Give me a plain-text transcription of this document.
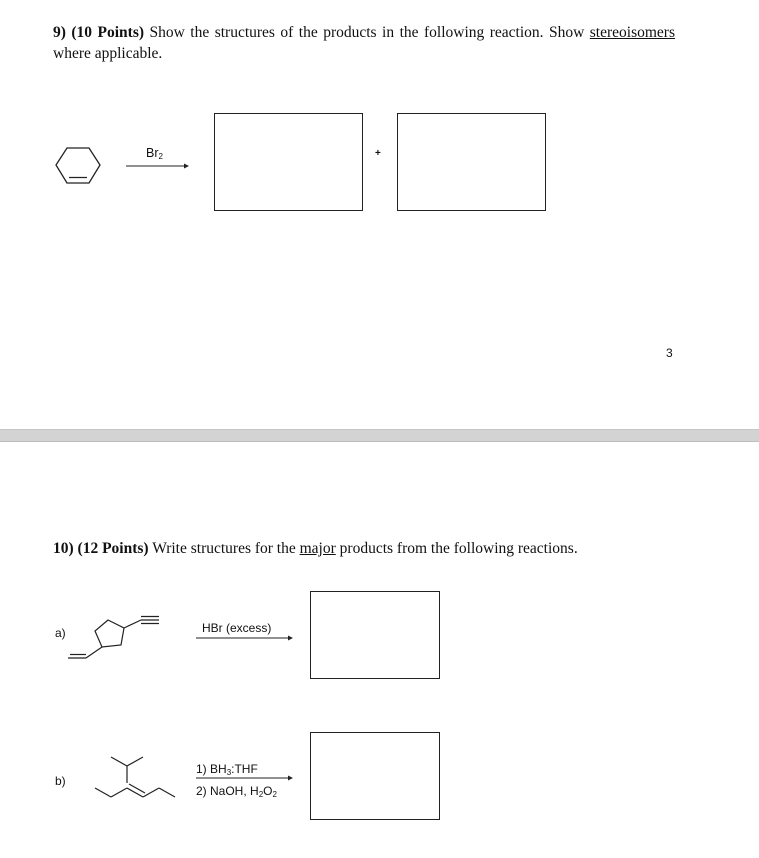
9) (10 Points) Show the structures of the products in the following reaction. Show stereoisomers where applicable.
$Br_2$	+
3
10) (12 Points) Write structures for the major products from the following reactions.
a)	HBr (excess)
b)
1) $BH_3:THF$
2) NaOH, $H_2O_2$
